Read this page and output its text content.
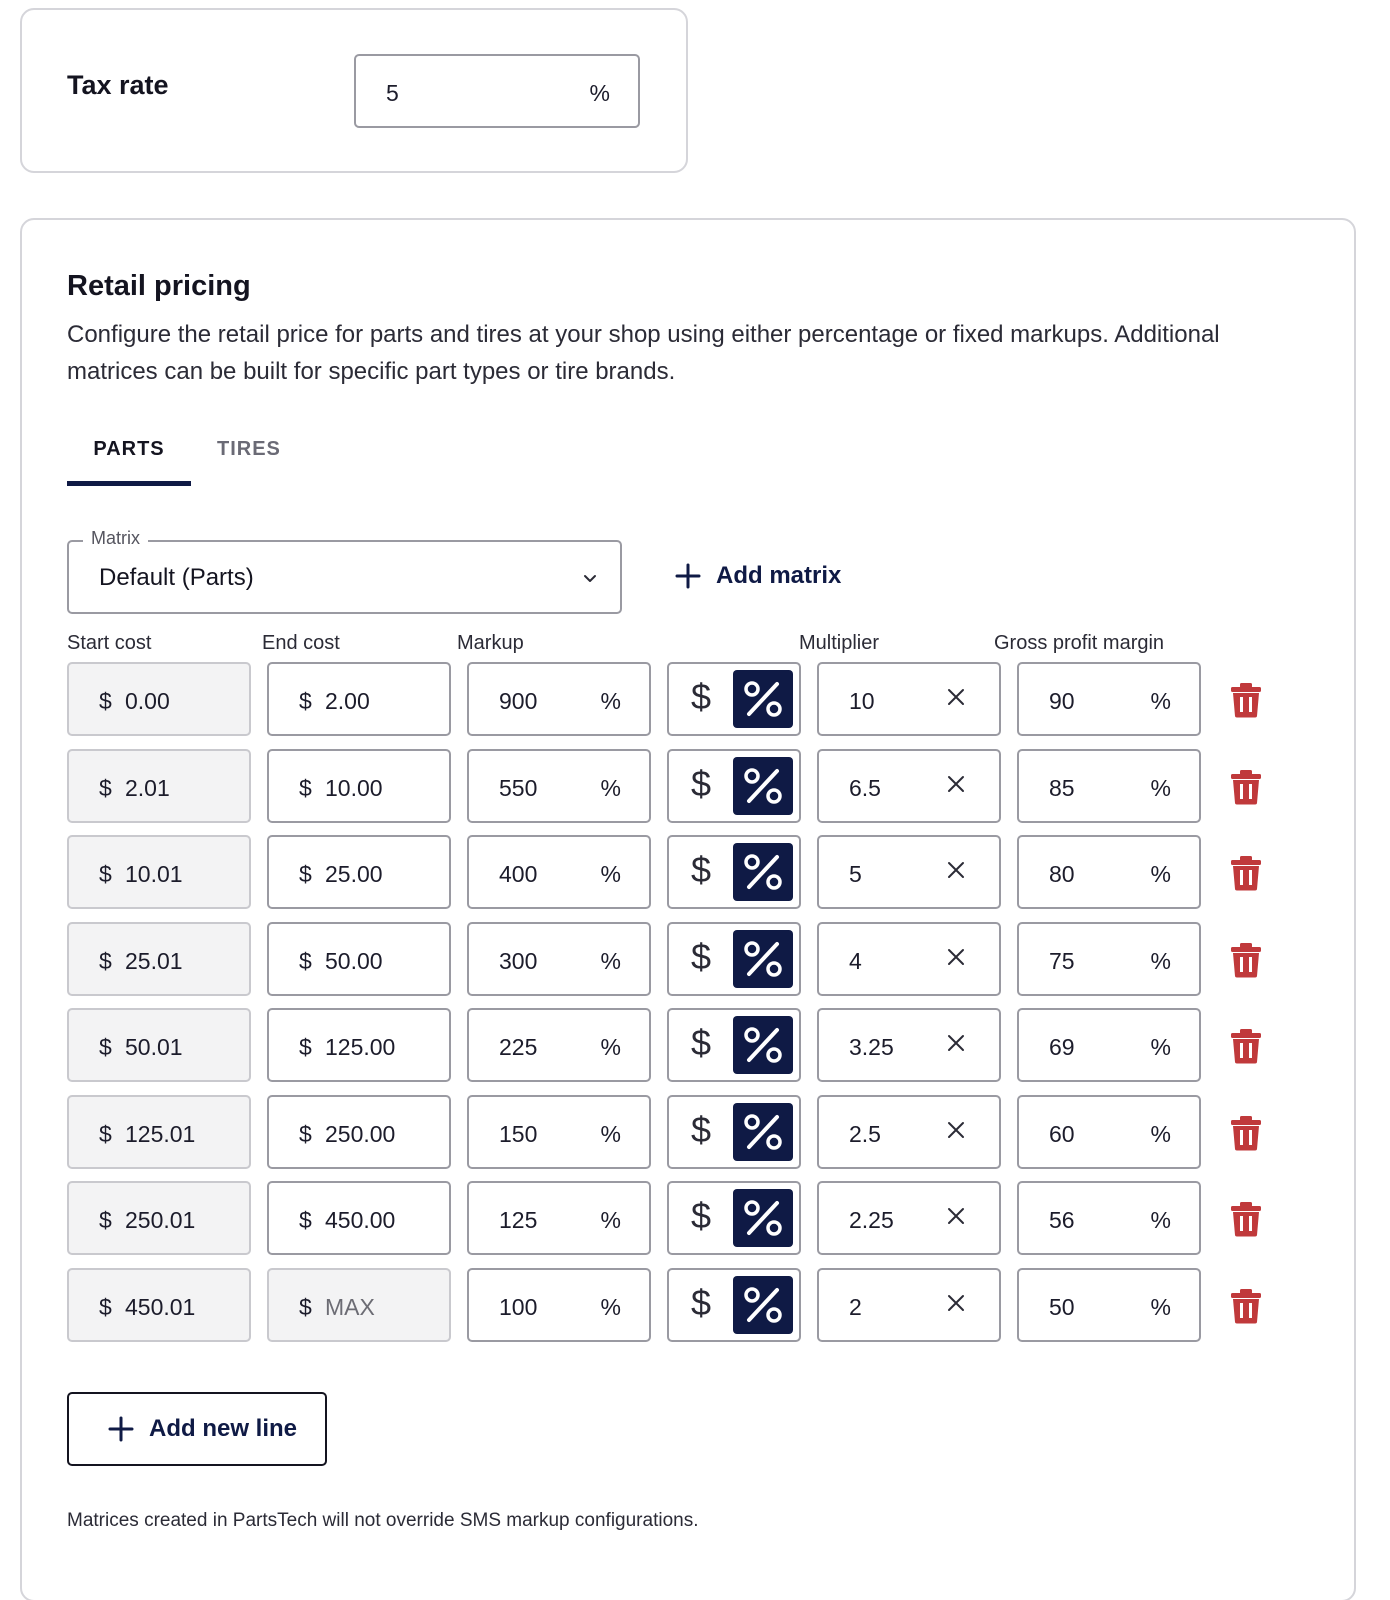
Tax rate	5	%
Retail pricing
Configure the retail price for parts and tires at your shop using either percentage or fixed markups. Additional matrices can be built for specific part types or tire brands.
PARTS	TIRES
Matrix
Default (Parts)	Add matrix
Start cost	End cost	Markup	Multiplier	Gross profit margin
$ 0.00	$ 2.00	900	% $	10	90	%
$ 2.01	$ 10.00	550	% $	6.5	85	%
$ 10.01	$ 25.00	400	% $	5	80	%
$ 25.01	$ 50.00	300	% $	4	75	%
$ 50.01	$ 125.00	225	% $	3.25	69	%
$ 125.01	$ 250.00	150	% $	2.5	60	%
$ 250.01	$ 450.00	125	% $	2.25	56	%
$ 450.01	$ MAX	100	% $	2	50	%
Add new line
Matrices created in PartsTech will not override SMS markup configurations.
